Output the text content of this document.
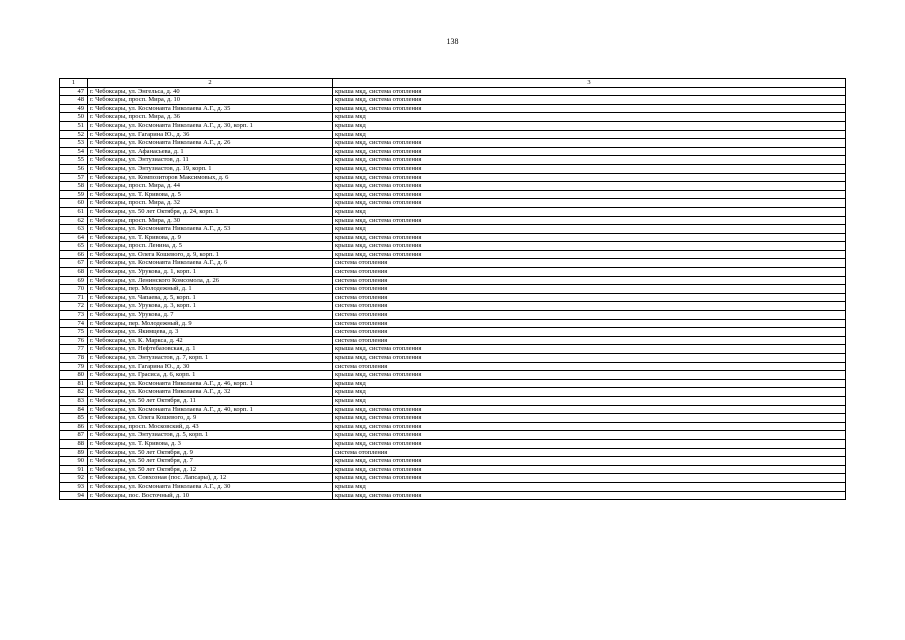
138
1	2	3
47	г. Чебоксары, ул. Энгельса, д. 40	крыша мкд, система отопления
48	г. Чебоксары, просп. Мира, д. 10	крыша мкд, система отопления
49	г. Чебоксары, ул. Космонавта Николаева А.Г., д. 35	крыша мкд, система отопления
50	г. Чебоксары, просп. Мира, д. 36	крыша мкд
51	г. Чебоксары, ул. Космонавта Николаева А.Г., д. 30, корп. 1	крыша мкд
52	г. Чебоксары, ул. Гагарина Ю., д. 36	крыша мкд
53	г. Чебоксары, ул. Космонавта Николаева А.Г., д. 26	крыша мкд, система отопления
54	г. Чебоксары, ул. Афанасьева, д. 1	крыша мкд, система отопления
55	г. Чебоксары, ул. Энтузиастов, д. 11	крыша мкд, система отопления
56	г. Чебоксары, ул. Энтузиастов, д. 19, корп. 1	крыша мкд, система отопления
57	г. Чебоксары, ул. Композиторов Максимовых, д. 6	крыша мкд, система отопления
58	г. Чебоксары, просп. Мира, д. 44	крыша мкд, система отопления
59	г. Чебоксары, ул. Т. Кривова, д. 5	крыша мкд, система отопления
60	г. Чебоксары, просп. Мира, д. 32	крыша мкд, система отопления
61	г. Чебоксары, ул. 50 лет Октября, д. 24, корп. 1	крыша мкд
62	г. Чебоксары, просп. Мира, д. 30	крыша мкд, система отопления
63	г. Чебоксары, ул. Космонавта Николаева А.Г., д. 53	крыша мкд
64	г. Чебоксары, ул. Т. Кривова, д. 9	крыша мкд, система отопления
65	г. Чебоксары, просп. Ленина, д. 5	крыша мкд, система отопления
66	г. Чебоксары, ул. Олега Кошевого, д. 9, корп. 1	крыша мкд, система отопления
67	г. Чебоксары, ул. Космонавта Николаева А.Г., д. 6	система отопления
68	г. Чебоксары, ул. Урукова, д. 1, корп. 1	система отопления
69	г. Чебоксары, ул. Ленинского Комсомола, д. 26	система отопления
70	г. Чебоксары, пер. Молодежный, д. 1	система отопления
71	г. Чебоксары, ул. Чапаева, д. 5, корп. 1	система отопления
72	г. Чебоксары, ул. Урукова, д. 3, корп. 1	система отопления
73	г. Чебоксары, ул. Урукова, д. 7	система отопления
74	г. Чебоксары, пер. Молодежный, д. 9	система отопления
75	г. Чебоксары, ул. Якимцева, д. 3	система отопления
76	г. Чебоксары, ул. К. Маркса, д. 42	система отопления
77	г. Чебоксары, ул. Нефтебазовская, д. 1	крыша мкд, система отопления
78	г. Чебоксары, ул. Энтузиастов, д. 7, корп. 1	крыша мкд, система отопления
79	г. Чебоксары, ул. Гагарина Ю., д. 30	система отопления
80	г. Чебоксары, ул. Грасиса, д. 6, корп. 1	крыша мкд, система отопления
81	г. Чебоксары, ул. Космонавта Николаева А.Г., д. 46, корп. 1	крыша мкд
82	г. Чебоксары, ул. Космонавта Николаева А.Г., д. 32	крыша мкд
83	г. Чебоксары, ул. 50 лет Октября, д. 11	крыша мкд
84	г. Чебоксары, ул. Космонавта Николаева А.Г., д. 40, корп. 1	крыша мкд, система отопления
85	г. Чебоксары, ул. Олега Кошевого, д. 9	крыша мкд, система отопления
86	г. Чебоксары, просп. Московский, д. 43	крыша мкд, система отопления
87	г. Чебоксары, ул. Энтузиастов, д. 5, корп. 1	крыша мкд, система отопления
88	г. Чебоксары, ул. Т. Кривова, д. 3	крыша мкд, система отопления
89	г. Чебоксары, ул. 50 лет Октября, д. 9	система отопления
90	г. Чебоксары, ул. 50 лет Октября, д. 7	крыша мкд, система отопления
91	г. Чебоксары, ул. 50 лет Октября, д. 12	крыша мкд, система отопления
92	г. Чебоксары, ул. Совхозная (пос. Лапсары), д. 12	крыша мкд, система отопления
93	г. Чебоксары, ул. Космонавта Николаева А.Г., д. 30	крыша мкд
94	г. Чебоксары, пос. Восточный, д. 10	крыша мкд, система отопления
